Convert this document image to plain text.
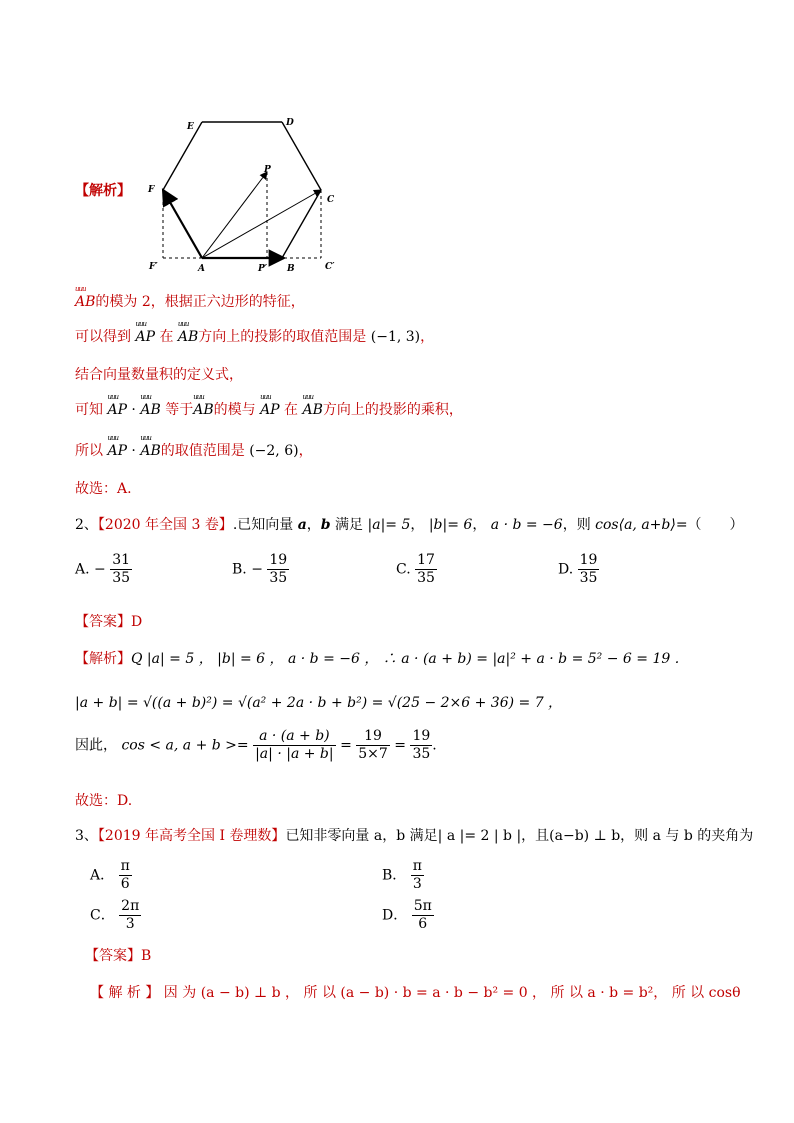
【解析】
E	D
F
C
P
A	P′ B
F′	C′
uuu AB的模为 2，根据正六边形的特征，
可以得到 uuu AP 在 uuu AB方向上的投影的取值范围是 (−1, 3)，
结合向量数量积的定义式，
可知 uuu AP · uuu AB 等于uuu AB的模与 uuu AP 在 uuu AB方向上的投影的乘积，
所以 uuu AP · uuu AB的取值范围是 (−2, 6)，
故选：A.
2、【2020 年全国 3 卷】.已知向量 a，b 满足 |a|= 5， |b|= 6， a · b = −6，则 cos⟨a, a+b⟩=（　　）
A. − $\frac{31}{35}$	B. − $\frac{19}{35}$	C. $\frac{17}{35}$	D. $\frac{19}{35}$
【答案】D
【解析】Q |a| = 5 ， |b| = 6 ， a · b = −6 ， ∴ a · (a + b) = |a|² + a · b = 5² − 6 = 19 .
|a + b| = √((a + b)²) = √(a² + 2a · b + b²) = √(25 − 2×6 + 36) = 7 ，
因此， cos < a, $a + b >= \frac{a \cdot (a + b)}{|a| \cdot |a + b|} = \frac{19}{5\times 7} = \frac{19}{35}$ .
故选：D.
3、【2019 年高考全国 I 卷理数】已知非零向量 a，b 满足| a |= 2 | b |，且(a−b) ⊥ b，则 a 与 b 的夹角为
A． $\frac{\pi}{6}$	B． $\frac{\pi}{3}$
C． $\frac{2\pi}{3}$	D． $\frac{5\pi}{6}$
【答案】B
【 解 析 】 因 为 (a − b) ⊥ b ， 所 以 (a − b) · b = a · b − b² = 0 ， 所 以 a · b = b²， 所 以 cosθ
